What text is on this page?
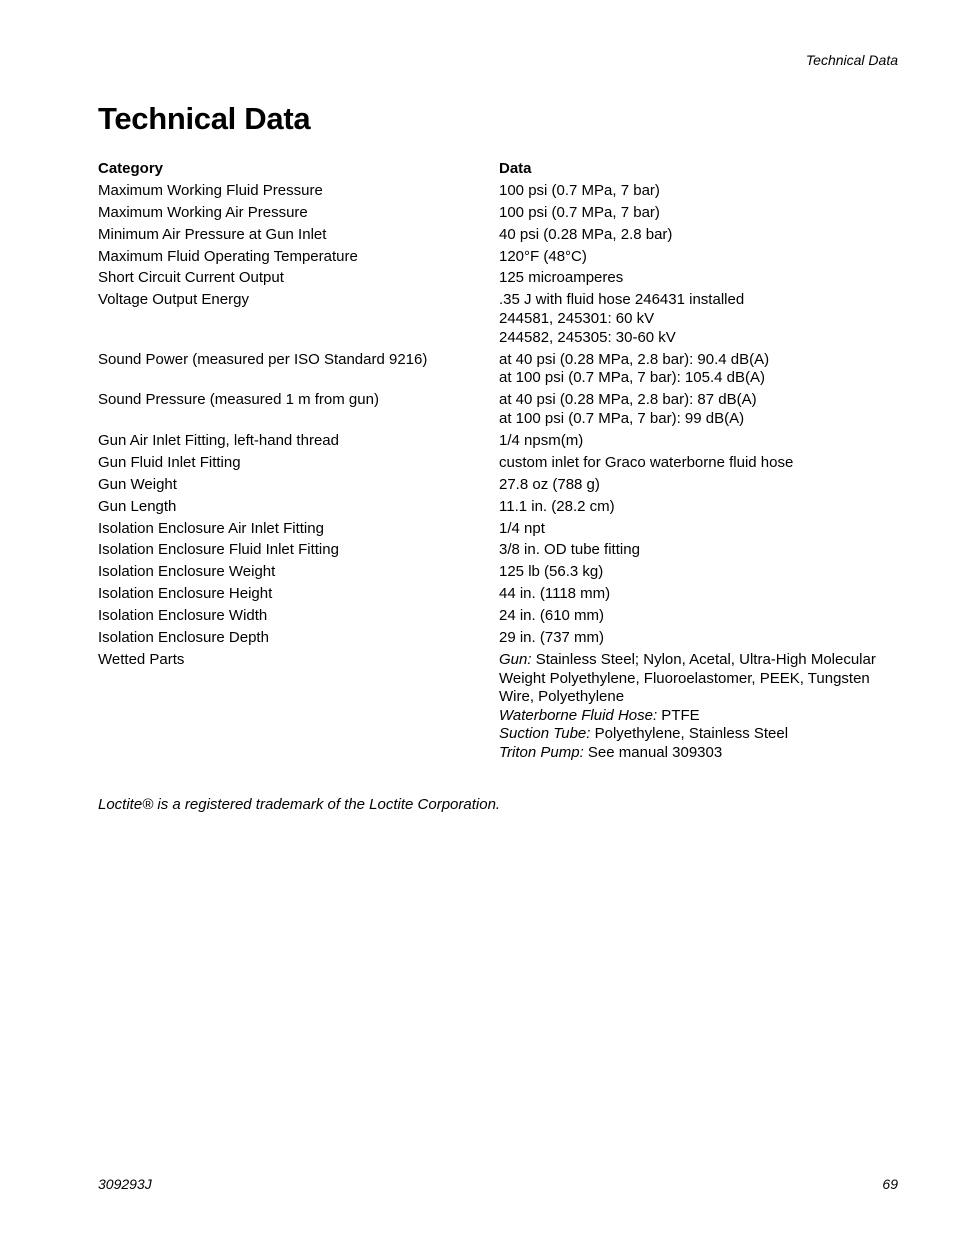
Technical Data
Technical Data
Category	Data
Maximum Working Fluid Pressure	100 psi (0.7 MPa, 7 bar)
Maximum Working Air Pressure	100 psi (0.7 MPa, 7 bar)
Minimum Air Pressure at Gun Inlet	40 psi (0.28 MPa, 2.8 bar)
Maximum Fluid Operating Temperature	120°F (48°C)
Short Circuit Current Output	125 microamperes
Voltage Output Energy	.35 J with fluid hose 246431 installed
244581, 245301: 60 kV
244582, 245305: 30-60 kV
Sound Power (measured per ISO Standard 9216)	at 40 psi (0.28 MPa, 2.8 bar): 90.4 dB(A)
at 100 psi (0.7 MPa, 7 bar): 105.4 dB(A)
Sound Pressure (measured 1 m from gun)	at 40 psi (0.28 MPa, 2.8 bar): 87 dB(A)
at 100 psi (0.7 MPa, 7 bar): 99 dB(A)
Gun Air Inlet Fitting, left-hand thread	1/4 npsm(m)
Gun Fluid Inlet Fitting	custom inlet for Graco waterborne fluid hose
Gun Weight	27.8 oz (788 g)
Gun Length	11.1 in. (28.2 cm)
Isolation Enclosure Air Inlet Fitting	1/4 npt
Isolation Enclosure Fluid Inlet Fitting	3/8 in. OD tube fitting
Isolation Enclosure Weight	125 lb (56.3 kg)
Isolation Enclosure Height	44 in. (1118 mm)
Isolation Enclosure Width	24 in. (610 mm)
Isolation Enclosure Depth	29 in. (737 mm)
Wetted Parts	Gun: Stainless Steel; Nylon, Acetal, Ultra-High Molecular
Weight Polyethylene, Fluoroelastomer, PEEK, Tungsten
Wire, Polyethylene
Waterborne Fluid Hose: PTFE
Suction Tube: Polyethylene, Stainless Steel
Triton Pump: See manual 309303
Loctite® is a registered trademark of the Loctite Corporation.
309293J	69
